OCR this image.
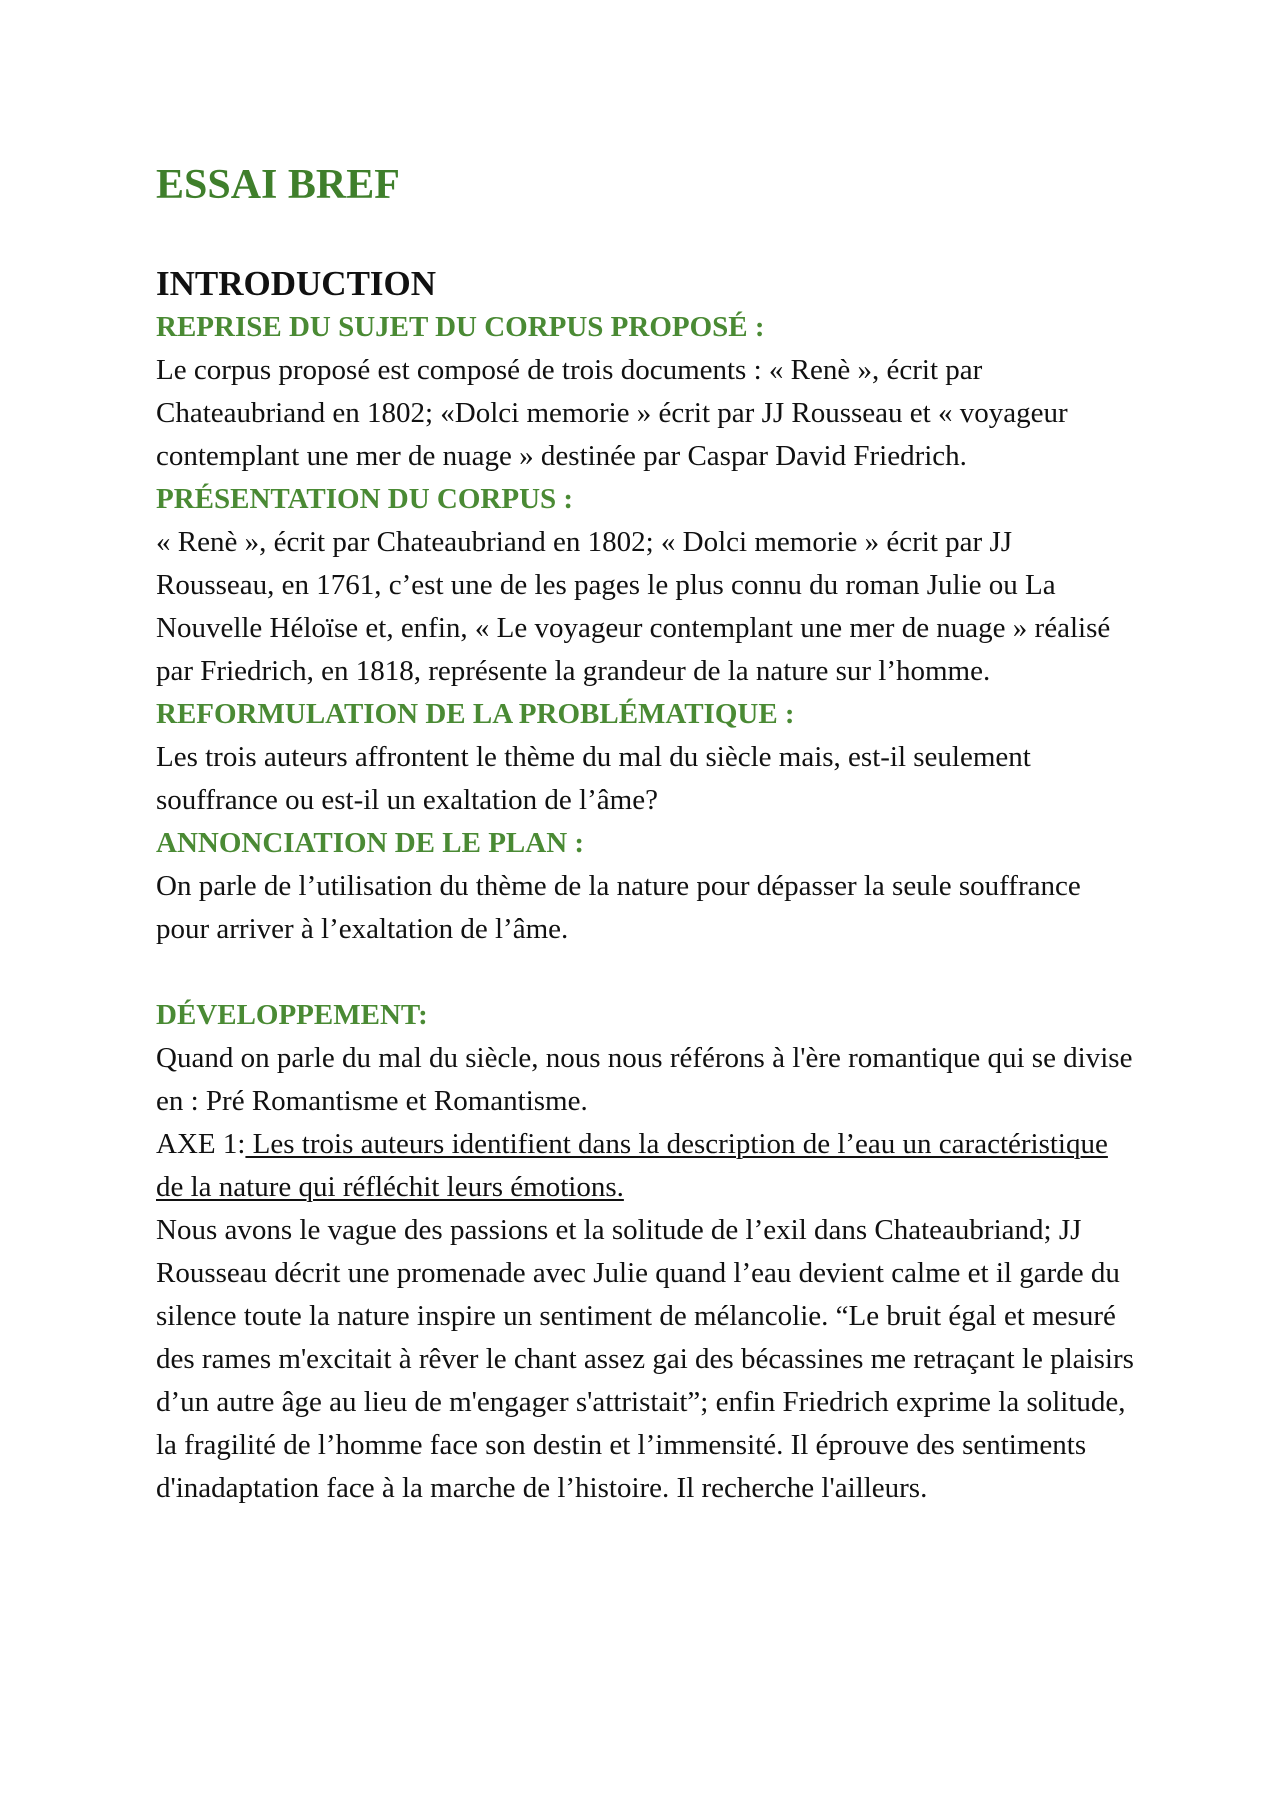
ESSAI BREF
INTRODUCTION
REPRISE DU SUJET DU CORPUS PROPOSÉ :

Le corpus proposé est composé de trois documents : « Renè », écrit par Chateaubriand en 1802; «Dolci memorie » écrit par JJ Rousseau et « voyageur contemplant une mer de nuage » destinée par Caspar David Friedrich.

PRÉSENTATION DU CORPUS :

« Renè », écrit par Chateaubriand en 1802; « Dolci memorie » écrit par JJ Rousseau, en 1761, c’est une de les pages le plus connu du roman Julie ou La Nouvelle Héloïse et, enfin, « Le voyageur contemplant une mer de nuage » réalisé par Friedrich, en 1818, représente la grandeur de la nature sur l’homme.

REFORMULATION DE LA PROBLÉMATIQUE :

Les trois auteurs affrontent le thème du mal du siècle mais, est-il seulement souffrance ou est-il un exaltation de l’âme?

ANNONCIATION DE LE PLAN :

On parle de l’utilisation du thème de la nature pour dépasser la seule souffrance pour arriver à l’exaltation de l’âme.

DÉVELOPPEMENT:

Quand on parle du mal du siècle, nous nous référons à l'ère romantique qui se divise en : Pré Romantisme et Romantisme.

AXE 1: Les trois auteurs identifient dans la description de l’eau un caractéristique de la nature qui réfléchit leurs émotions.

Nous avons le vague des passions et la solitude de l’exil dans Chateaubriand; JJ Rousseau décrit une promenade avec Julie quand l’eau devient calme et il garde du silence toute la nature inspire un sentiment de mélancolie. “Le bruit égal et mesuré des rames m'excitait à rêver le chant assez gai des bécassines me retraçant le plaisirs d’un autre âge au lieu de m'engager s'attristait”; enfin Friedrich exprime la solitude, la fragilité de l’homme face son destin et l’immensité. Il éprouve des sentiments d'inadaptation face à la marche de l’histoire. Il recherche l'ailleurs.
